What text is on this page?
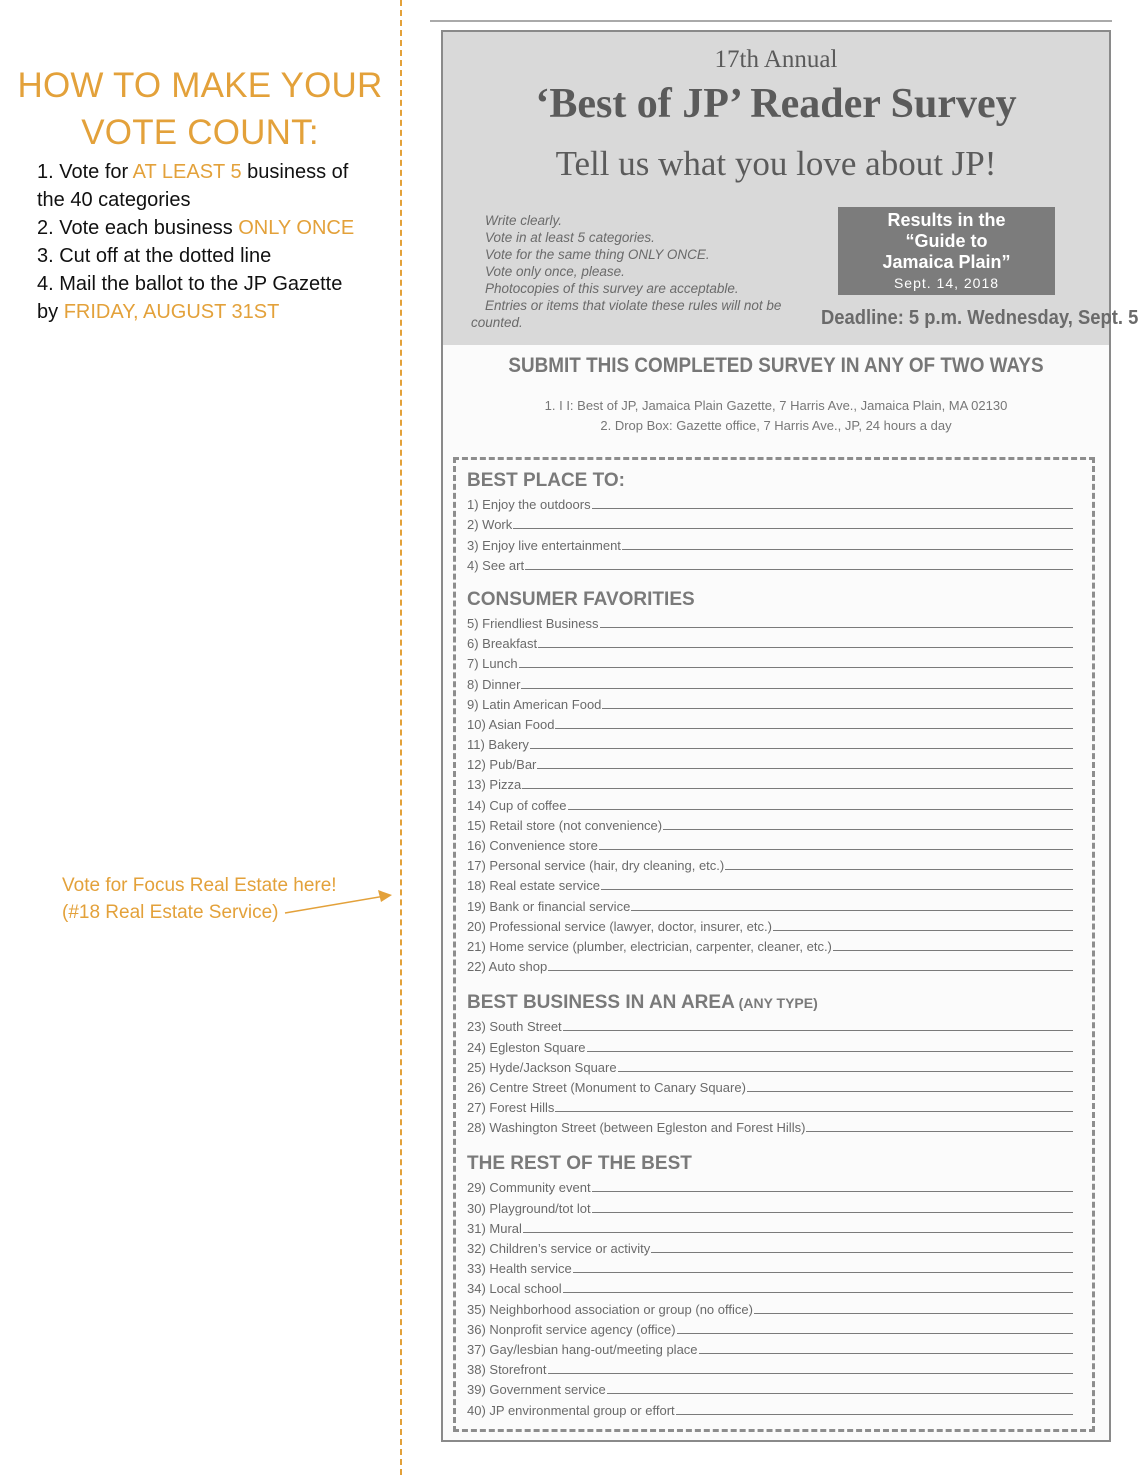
HOW TO MAKE YOUR
VOTE COUNT:
1. Vote for AT LEAST 5 business of
the 40 categories
2. Vote each business ONLY ONCE
3. Cut off at the dotted line
4. Mail the ballot to the JP Gazette
by FRIDAY, AUGUST 31ST
Vote for Focus Real Estate here!
(#18 Real Estate Service)
17th Annual
‘Best of JP’ Reader Survey
Tell us what you love about JP!
Write clearly.
Vote in at least 5 categories.
Vote for the same thing ONLY ONCE.
Vote only once, please.
Photocopies of this survey are acceptable.
Entries or items that violate these rules will not be
counted.
Results in the
“Guide to
Jamaica Plain”
Sept. 14, 2018
Deadline: 5 p.m. Wednesday, Sept. 5
SUBMIT THIS COMPLETED SURVEY IN ANY OF TWO WAYS
1. I I: Best of JP, Jamaica Plain Gazette, 7 Harris Ave., Jamaica Plain, MA 02130
2. Drop Box: Gazette office, 7 Harris Ave., JP, 24 hours a day
BEST PLACE TO:
1) Enjoy the outdoors
2) Work
3) Enjoy live entertainment
4) See art
CONSUMER FAVORITIES
5) Friendliest Business
6) Breakfast
7) Lunch
8) Dinner
9) Latin American Food
10) Asian Food
11) Bakery
12) Pub/Bar
13) Pizza
14) Cup of coffee
15) Retail store (not convenience)
16) Convenience store
17) Personal service (hair, dry cleaning, etc.)
18) Real estate service
19) Bank or financial service
20) Professional service (lawyer, doctor, insurer, etc.)
21) Home service (plumber, electrician, carpenter, cleaner, etc.)
22) Auto shop
BEST BUSINESS IN AN AREA (ANY TYPE)
23) South Street
24) Egleston Square
25) Hyde/Jackson Square
26) Centre Street (Monument to Canary Square)
27) Forest Hills
28) Washington Street (between Egleston and Forest Hills)
THE REST OF THE BEST
29) Community event
30) Playground/tot lot
31) Mural
32) Children’s service or activity
33) Health service
34) Local school
35) Neighborhood association or group (no office)
36) Nonprofit service agency (office)
37) Gay/lesbian hang-out/meeting place
38) Storefront
39) Government service
40) JP environmental group or effort
